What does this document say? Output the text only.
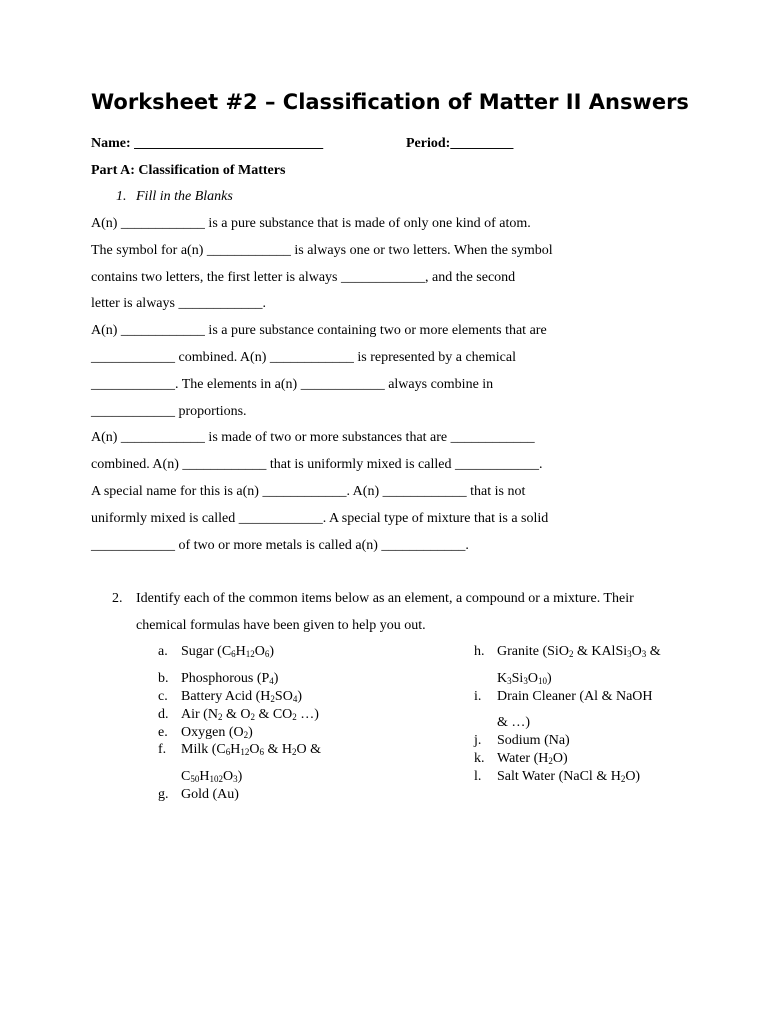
Worksheet #2 – Classification of Matter II Answers
Name: ___________________________	Period:_________
Part A: Classification of Matters
1. Fill in the Blanks
A(n) ____________ is a pure substance that is made of only one kind of atom.
The symbol for a(n) ____________ is always one or two letters. When the symbol
contains two letters, the first letter is always ____________, and the second
letter is always ____________.
A(n) ____________ is a pure substance containing two or more elements that are
____________ combined. A(n) ____________ is represented by a chemical
____________. The elements in a(n) ____________ always combine in
____________ proportions.
A(n) ____________ is made of two or more substances that are ____________
combined. A(n) ____________ that is uniformly mixed is called ____________.
A special name for this is a(n) ____________. A(n) ____________ that is not
uniformly mixed is called ____________. A special type of mixture that is a solid
____________ of two or more metals is called a(n) ____________.
2. Identify each of the common items below as an element, a compound or a mixture. Their
chemical formulas have been given to help you out.
a. Sugar $(C_6H_{12}O_6)$
b. Phosphorous $(P_4)$
c. Battery Acid $(H_2SO_4)$
d. Air ($N_2$ & $O_2$ & $CO_2$ …)
e. Oxygen $(O_2)$
f. Milk ($C_6H_{12}O_6$ & $H_2O$ &
$C_{50}H_{102}O_3$)
g. Gold (Au)
h. Granite (SiO$_2$ & $KAlSi_3O_3$ &
$K_3Si_3O_{10}$)
i. Drain Cleaner (Al & NaOH
& …)
j. Sodium (Na)
k. Water $(H_2O)$
l. Salt Water (NaCl & $H_2O$)
